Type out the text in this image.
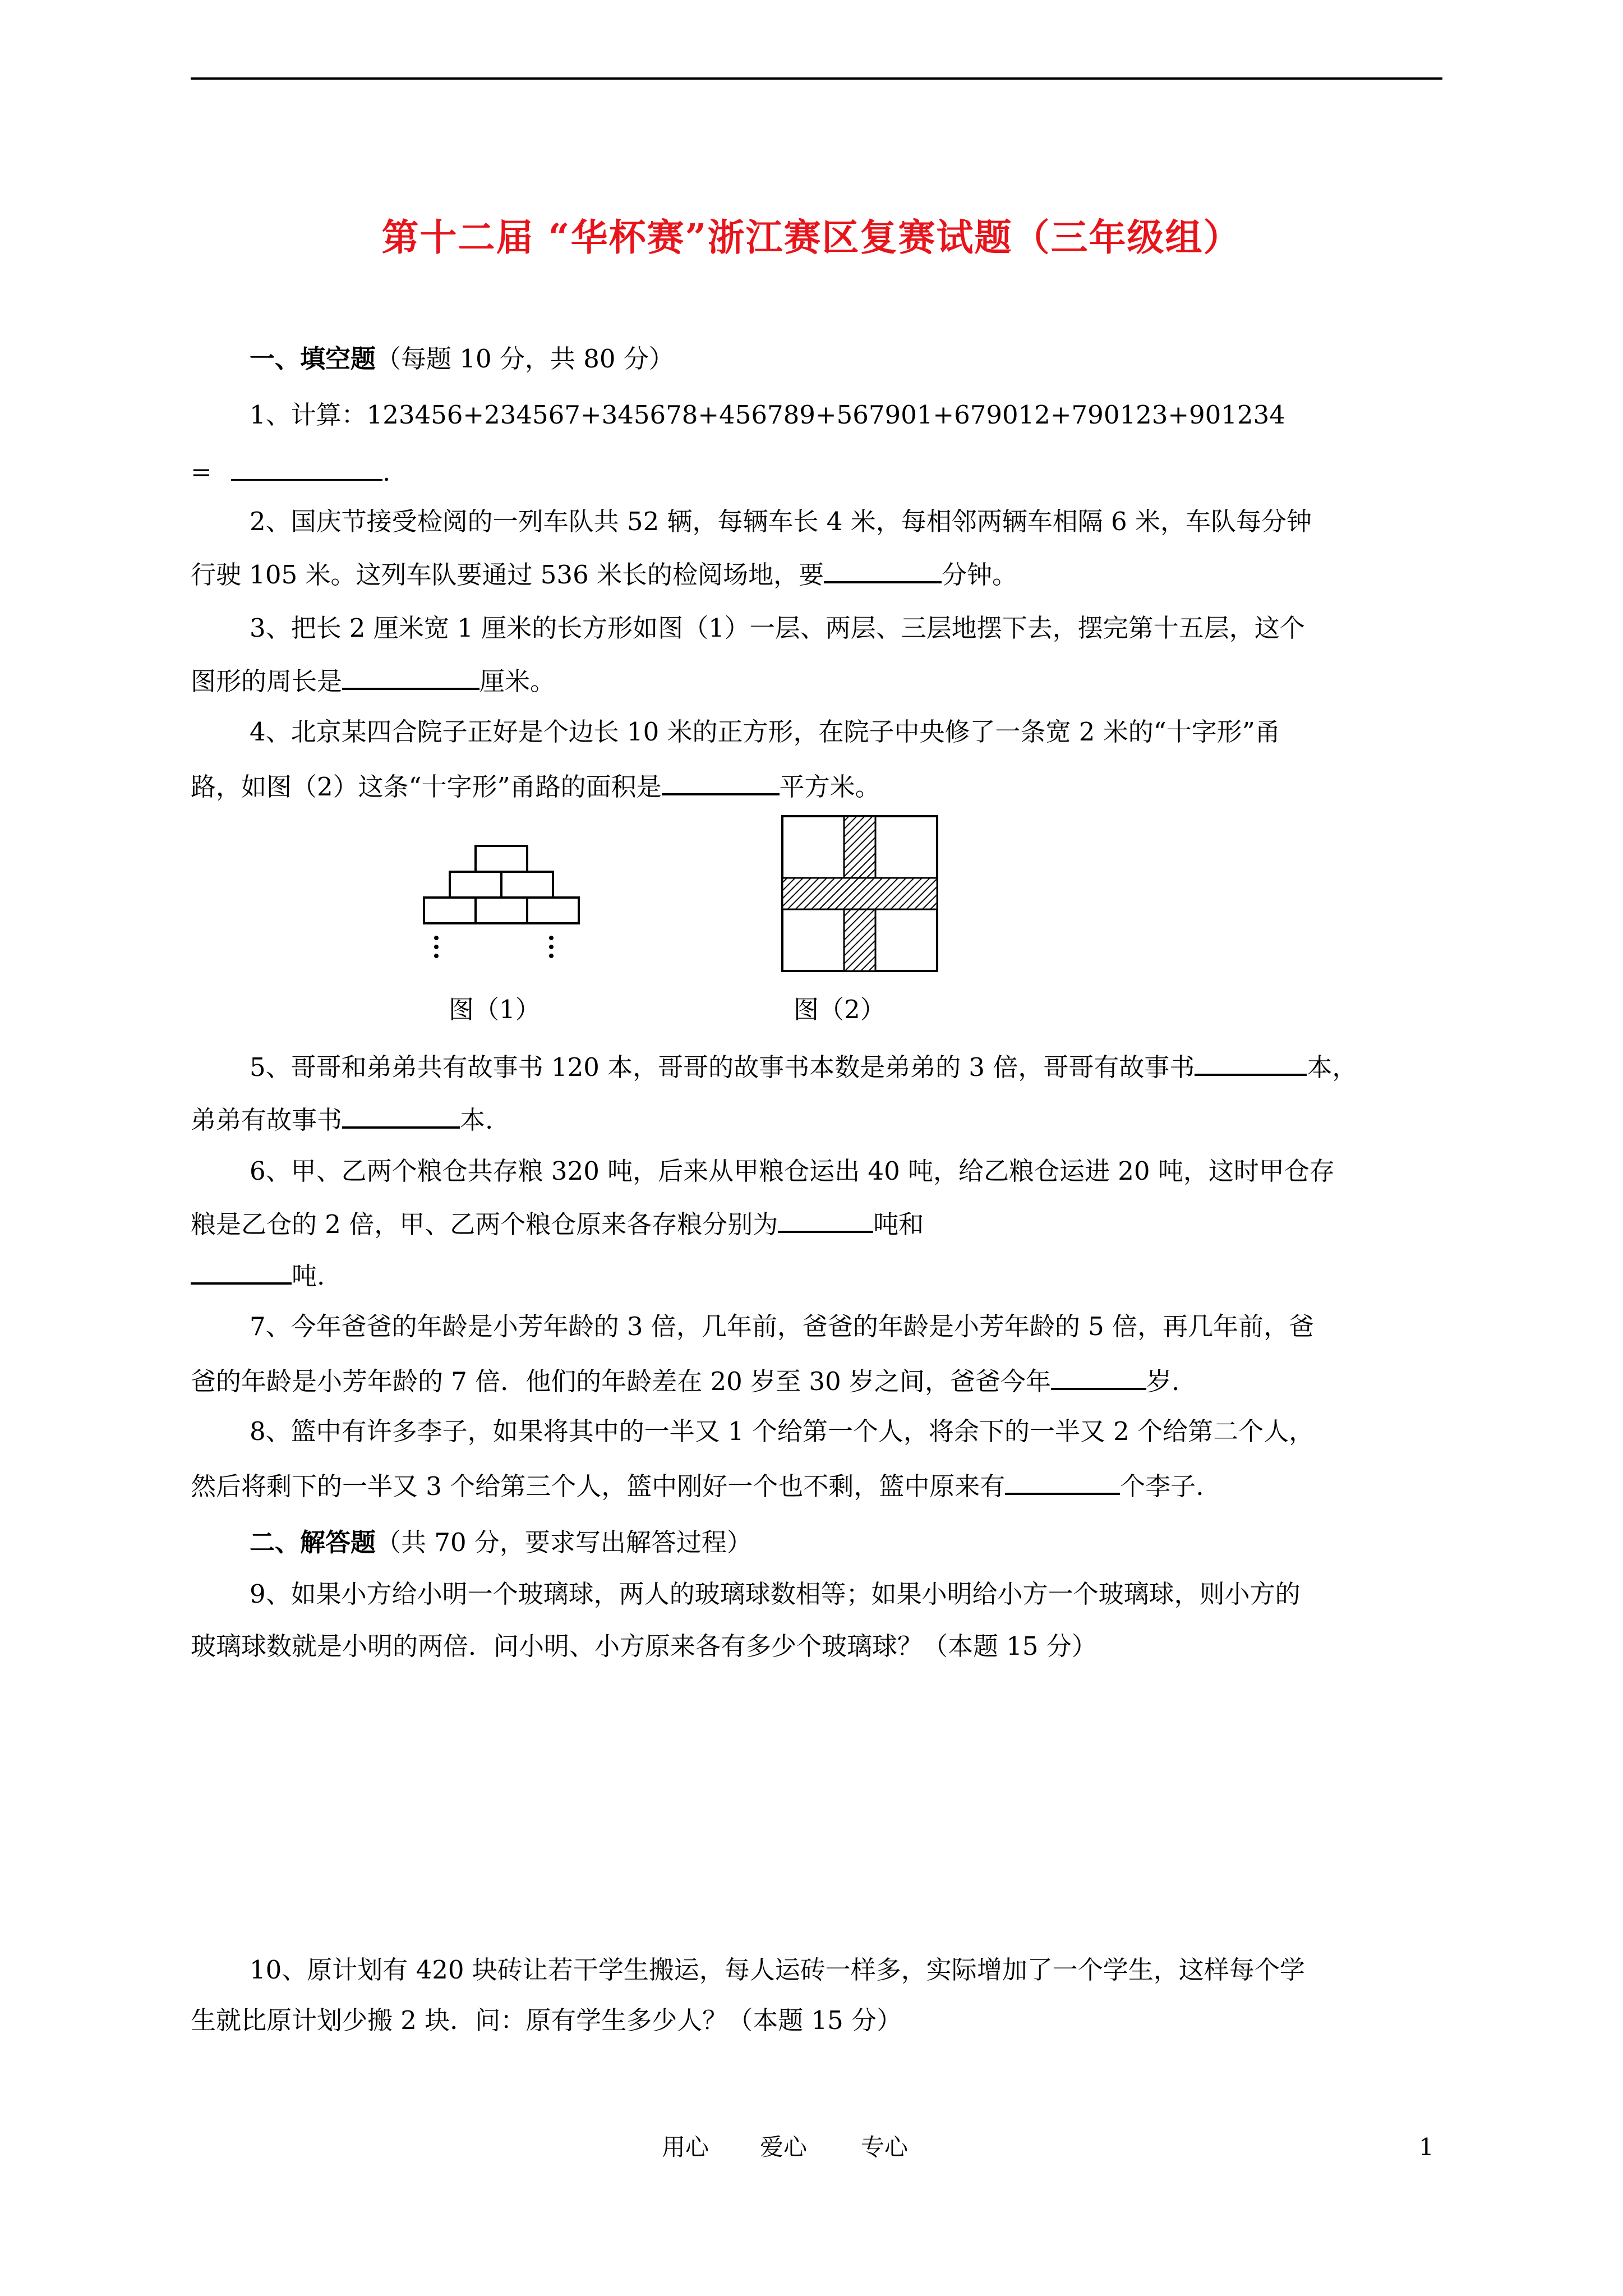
第十二届 “华杯赛”浙江赛区复赛试题（三年级组）
一、填空题（每题 10 分，共 80 分）
1、计算：123456+234567+345678+456789+567901+679012+790123+901234
=	.
2、国庆节接受检阅的一列车队共 52 辆，每辆车长 4 米，每相邻两辆车相隔 6 米，车队每分钟
行驶 105 米。这列车队要通过 536 米长的检阅场地，要	分钟。
3、把长 2 厘米宽 1 厘米的长方形如图（1）一层、两层、三层地摆下去，摆完第十五层，这个
图形的周长是	厘米。
4、北京某四合院子正好是个边长 10 米的正方形，在院子中央修了一条宽 2 米的“十字形”甬
路，如图（2）这条“十字形”甬路的面积是	平方米。
图（1）	图（2）
5、哥哥和弟弟共有故事书 120 本，哥哥的故事书本数是弟弟的 3 倍，哥哥有故事书	本，
弟弟有故事书	本.
6、甲、乙两个粮仓共存粮 320 吨，后来从甲粮仓运出 40 吨，给乙粮仓运进 20 吨，这时甲仓存
粮是乙仓的 2 倍，甲、乙两个粮仓原来各存粮分别为	吨和
吨.
7、今年爸爸的年龄是小芳年龄的 3 倍，几年前，爸爸的年龄是小芳年龄的 5 倍，再几年前，爸
爸的年龄是小芳年龄的 7 倍．他们的年龄差在 20 岁至 30 岁之间，爸爸今年	岁.
8、篮中有许多李子，如果将其中的一半又 1 个给第一个人，将余下的一半又 2 个给第二个人，
然后将剩下的一半又 3 个给第三个人，篮中刚好一个也不剩，篮中原来有	个李子.
二、解答题（共 70 分，要求写出解答过程）
9、如果小方给小明一个玻璃球，两人的玻璃球数相等；如果小明给小方一个玻璃球，则小方的
玻璃球数就是小明的两倍．问小明、小方原来各有多少个玻璃球？（本题 15 分）
10、原计划有 420 块砖让若干学生搬运，每人运砖一样多，实际增加了一个学生，这样每个学
生就比原计划少搬 2 块．问：原有学生多少人？（本题 15 分）
用心 爱心 专心	1
